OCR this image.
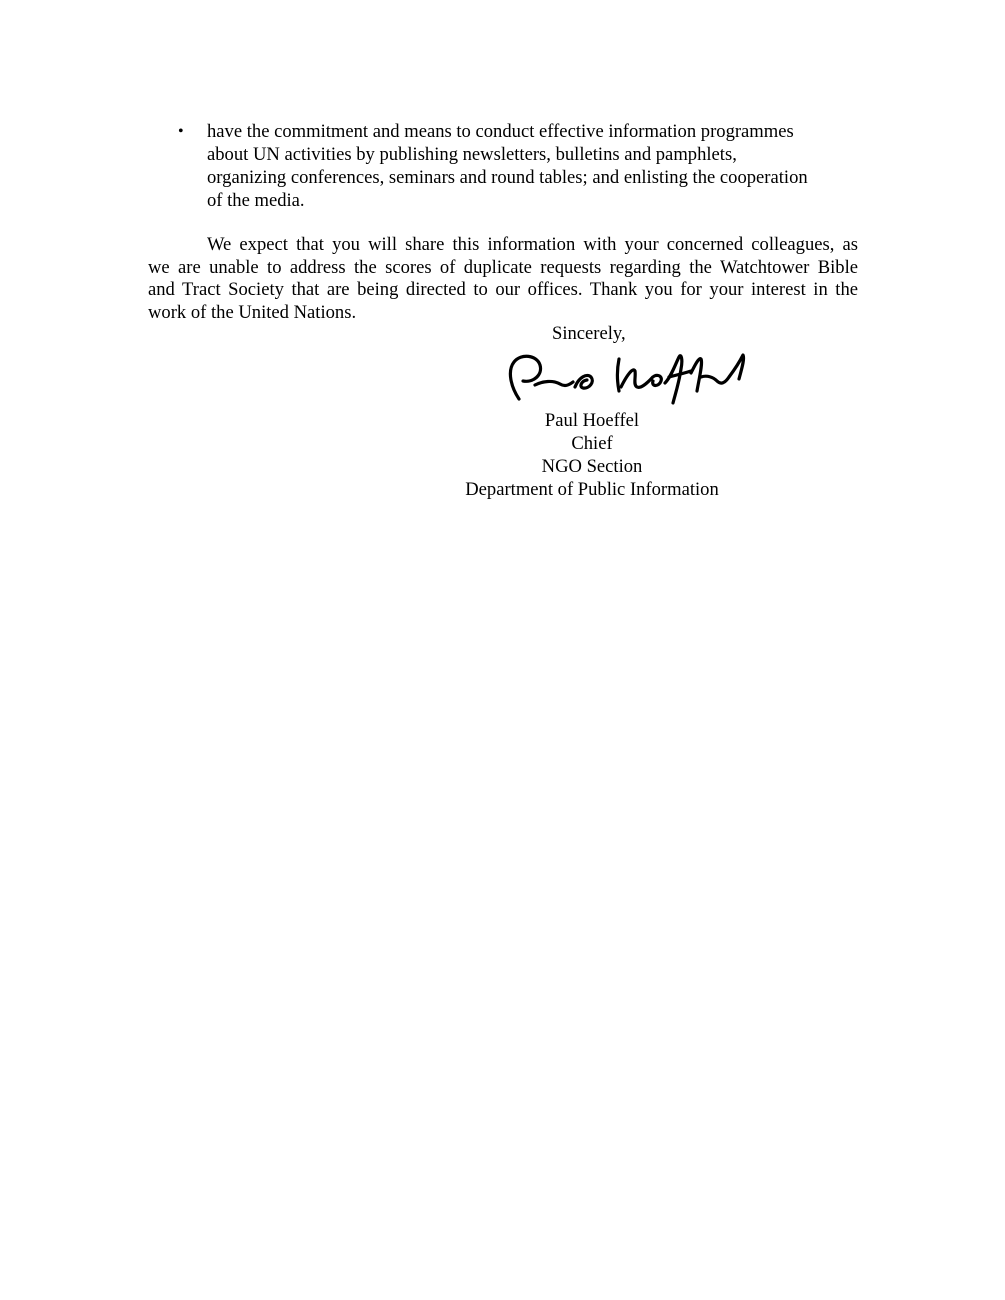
•	have the commitment and means to conduct effective information programmes
about UN activities by publishing newsletters, bulletins and pamphlets,
organizing conferences, seminars and round tables; and enlisting the cooperation
of the media.
We expect that you will share this information with your concerned colleagues, as
we are unable to address the scores of duplicate requests regarding the Watchtower Bible
and Tract Society that are being directed to our offices. Thank you for your interest in the
work of the United Nations.
Sincerely,
Paul Hoeffel
Chief
NGO Section
Department of Public Information
